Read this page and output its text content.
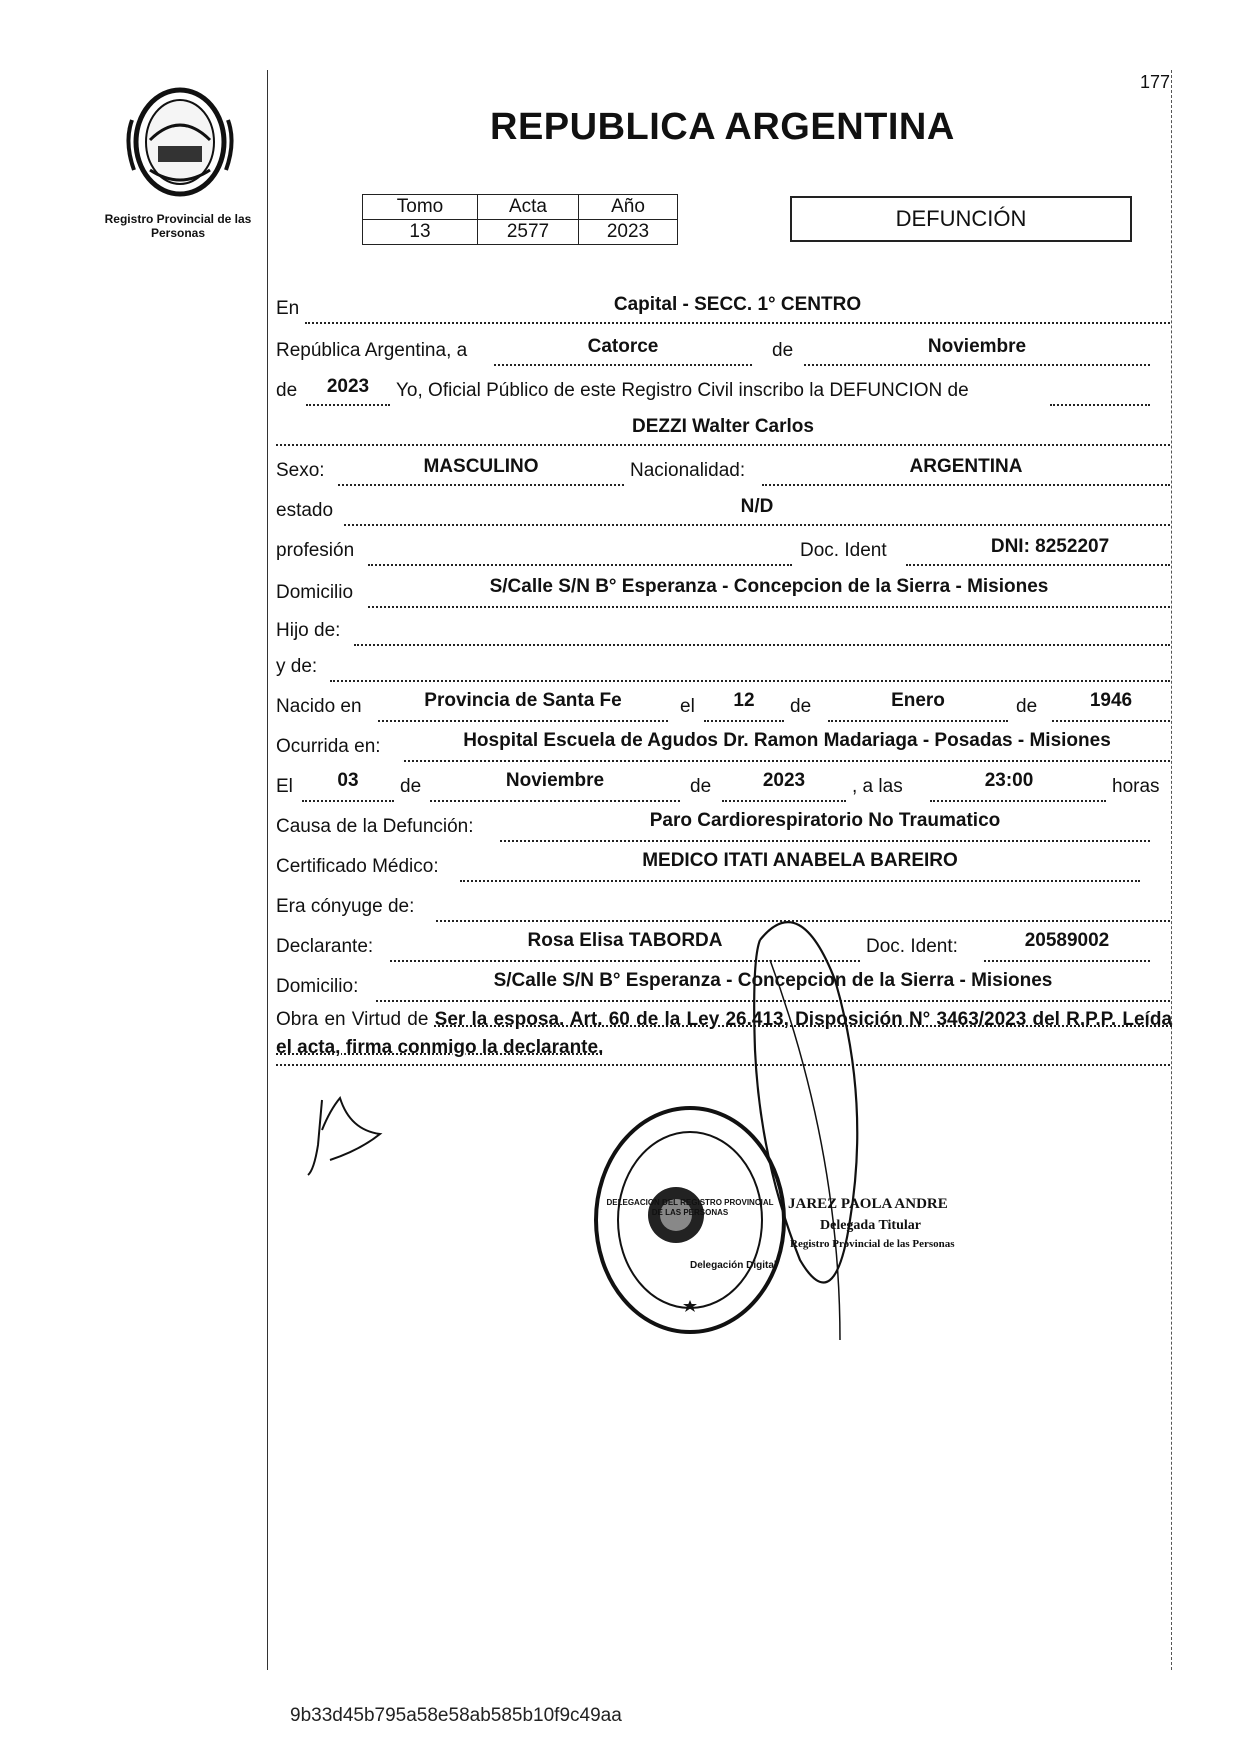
Registro Provincial de las Personas
177
REPUBLICA ARGENTINA
Tomo	Acta	Año
13	2577	2023
DEFUNCIÓN
En	Capital - SECC. 1° CENTRO
República Argentina, a	Catorce	de	Noviembre
de	2023	Yo, Oficial Público de este Registro Civil inscribo la DEFUNCION de
DEZZI Walter Carlos
Sexo:	MASCULINO	Nacionalidad:	ARGENTINA
estado	N/D
profesión	Doc. Ident	DNI: 8252207
Domicilio	S/Calle S/N B° Esperanza - Concepcion de la Sierra - Misiones
Hijo de:
y de:
Nacido en	Provincia de Santa Fe	el	12	de	Enero	de	1946
Ocurrida en:	Hospital Escuela de Agudos Dr. Ramon Madariaga - Posadas - Misiones
El	03	de	Noviembre	de	2023	, a las	23:00	horas
Causa de la Defunción:	Paro Cardiorespiratorio No Traumatico
Certificado Médico:	MEDICO ITATI ANABELA BAREIRO
Era cónyuge de:
Declarante:	Rosa Elisa TABORDA	Doc. Ident:	20589002
Domicilio:	S/Calle S/N B° Esperanza - Concepcion de la Sierra - Misiones
Obra en Virtud de Ser la esposa. Art. 60 de la Ley 26.413, Disposición N° 3463/2023 del R.P.P. Leída el acta, firma conmigo la declarante.
DELEGACION DEL REGISTRO PROVINCIAL DE LAS PERSONAS
Delegación Digital
JAREZ PAOLA ANDRE
Delegada Titular
Registro Provincial de las Personas
9b33d45b795a58e58ab585b10f9c49aa
